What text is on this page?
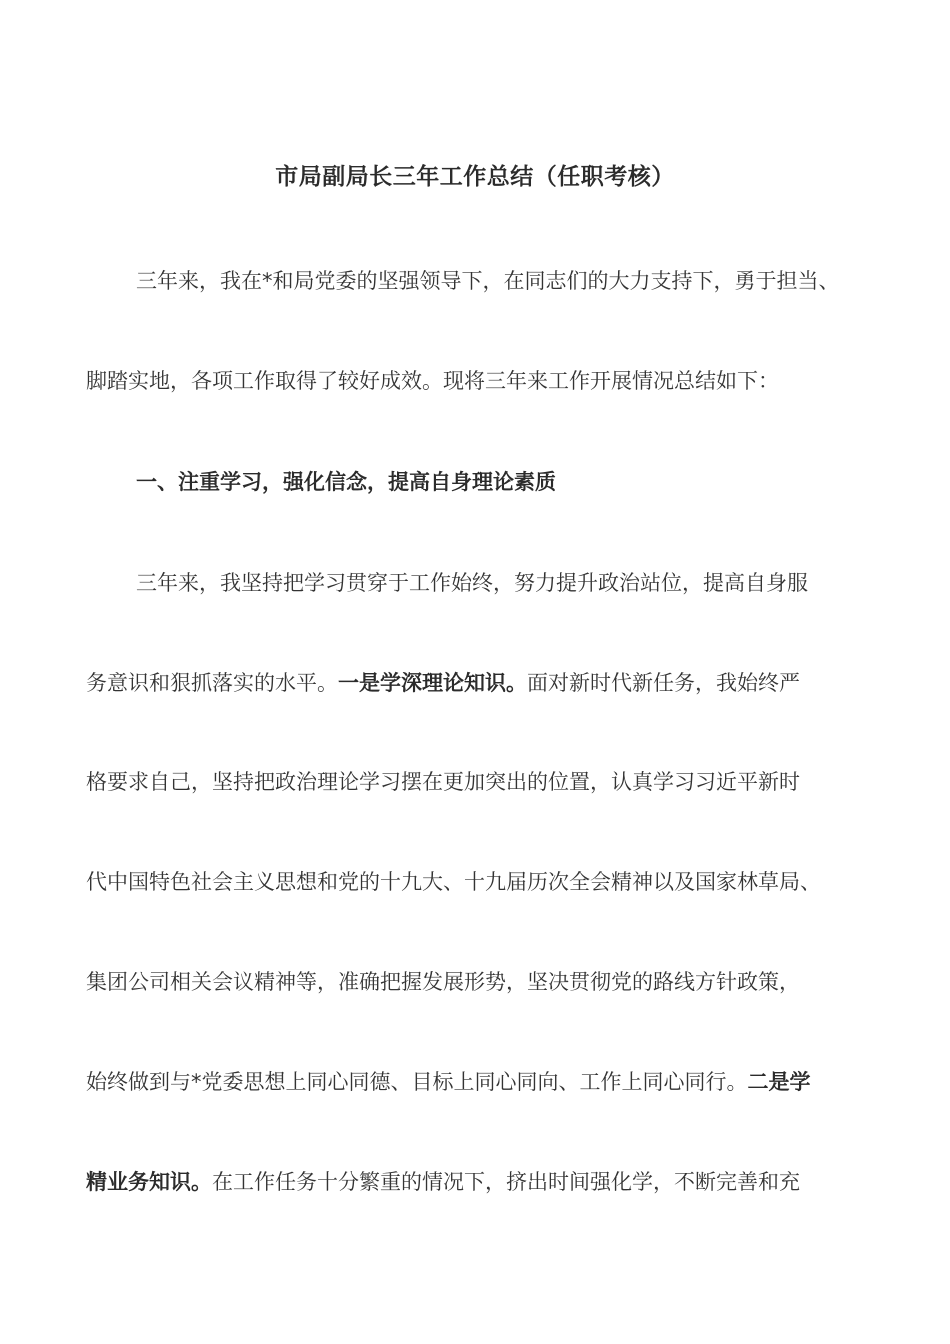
市局副局长三年工作总结（任职考核）
三年来，我在*和局党委的坚强领导下，在同志们的大力支持下，勇于担当、
脚踏实地，各项工作取得了较好成效。现将三年来工作开展情况总结如下：
一、注重学习，强化信念，提高自身理论素质
三年来，我坚持把学习贯穿于工作始终，努力提升政治站位，提高自身服
务意识和狠抓落实的水平。一是学深理论知识。面对新时代新任务，我始终严
格要求自己，坚持把政治理论学习摆在更加突出的位置，认真学习习近平新时
代中国特色社会主义思想和党的十九大、十九届历次全会精神以及国家林草局、
集团公司相关会议精神等，准确把握发展形势，坚决贯彻党的路线方针政策，
始终做到与*党委思想上同心同德、目标上同心同向、工作上同心同行。二是学
精业务知识。在工作任务十分繁重的情况下，挤出时间强化学，不断完善和充
